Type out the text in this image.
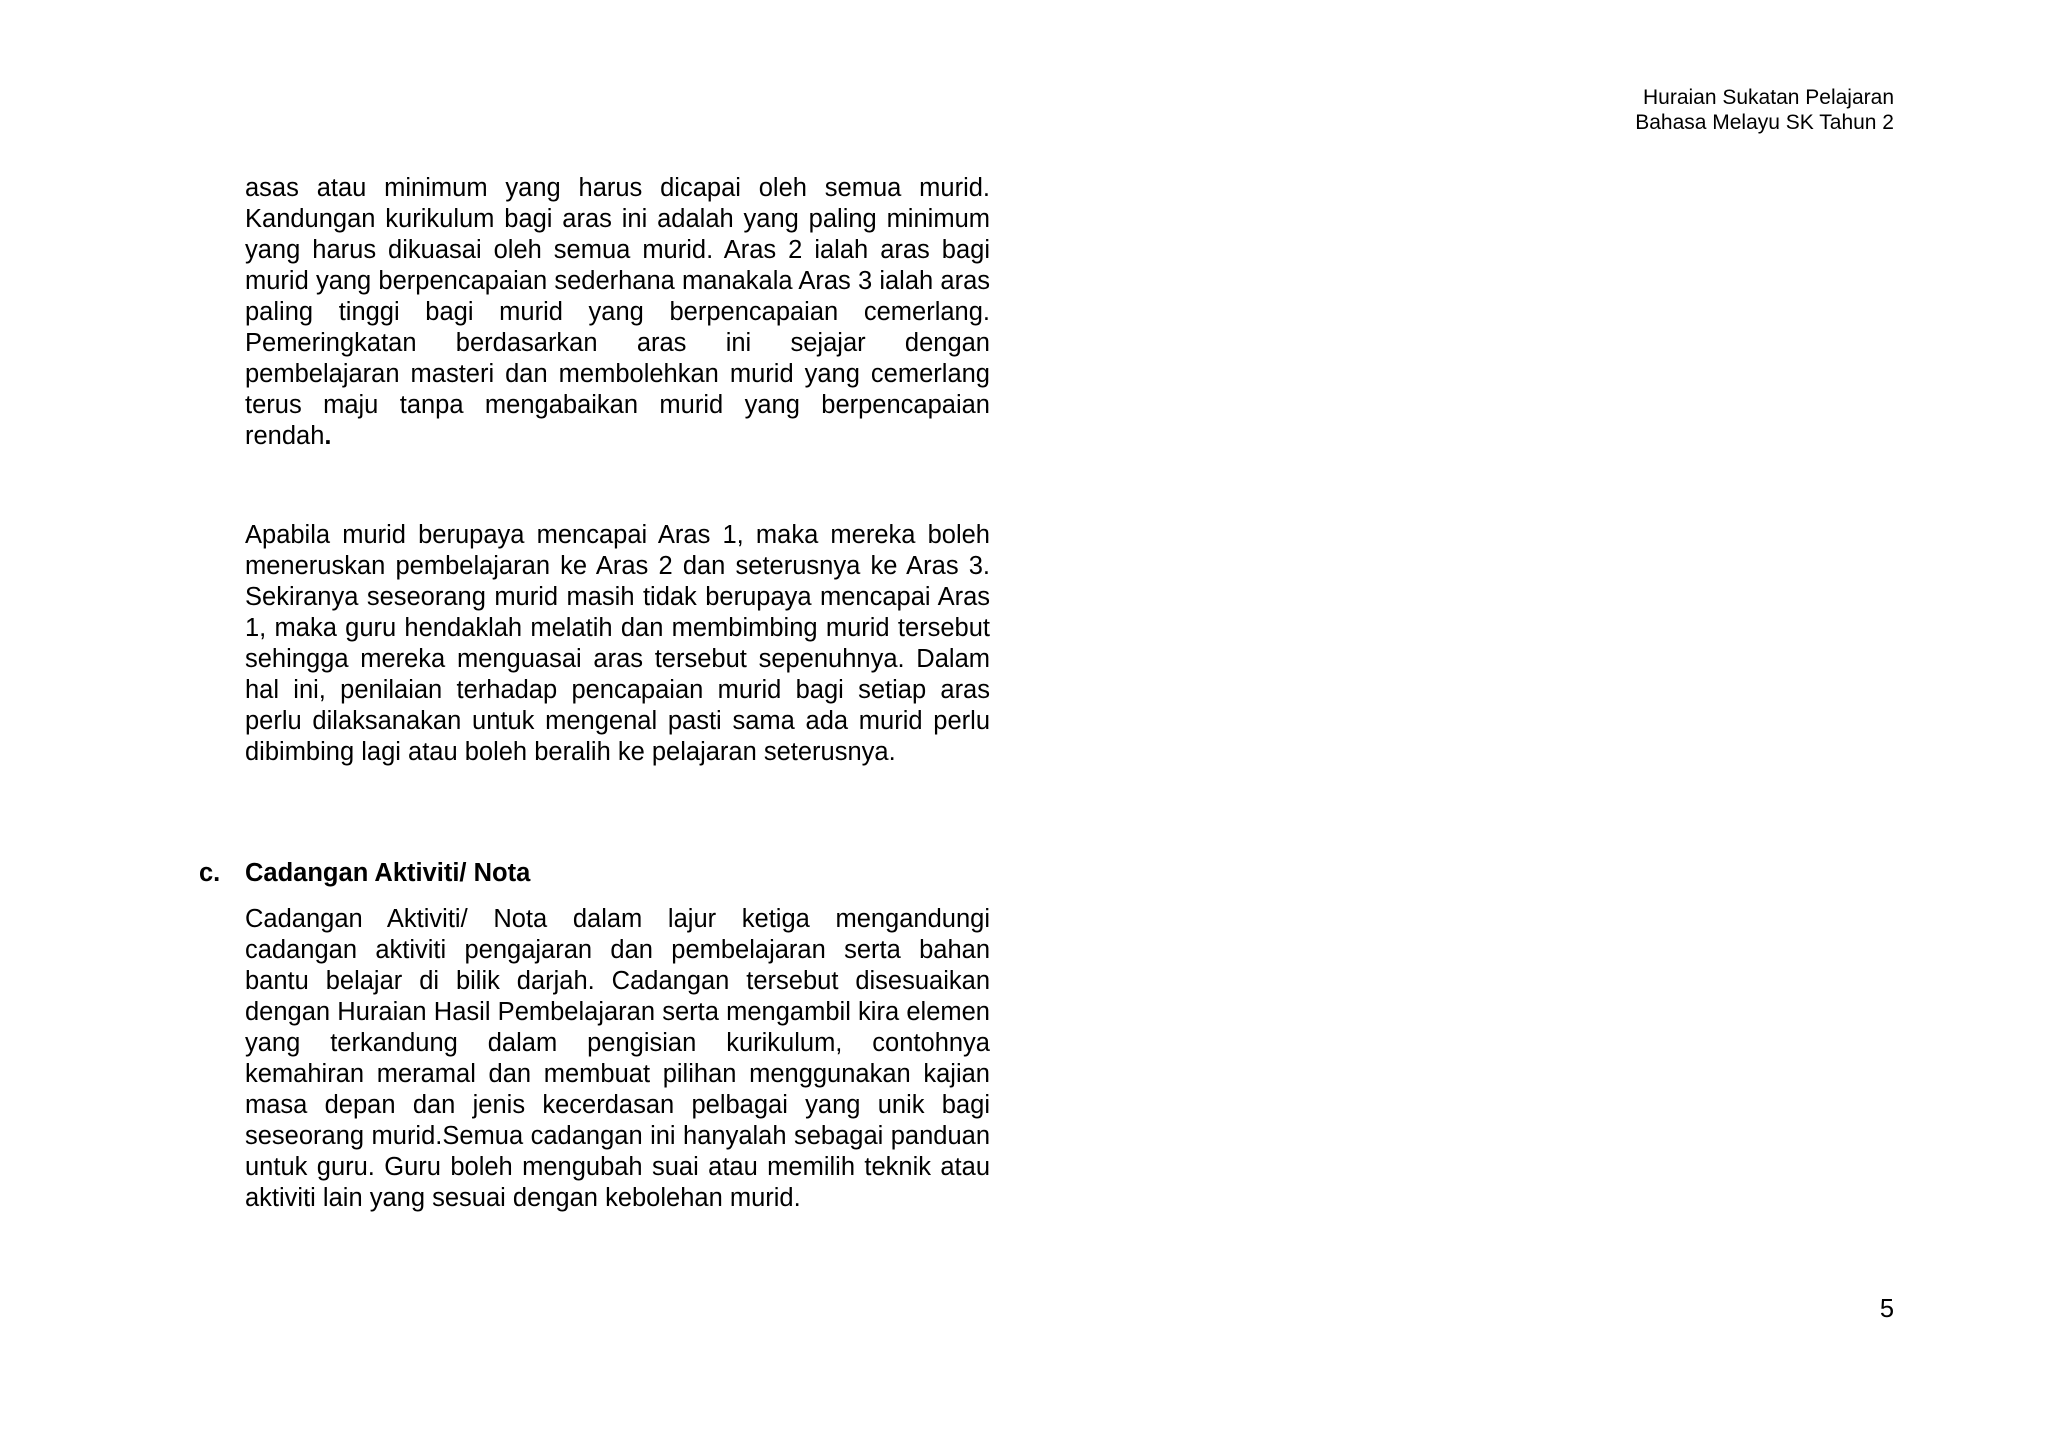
Huraian Sukatan Pelajaran
Bahasa Melayu SK Tahun 2

asas atau minimum yang harus dicapai oleh semua murid. Kandungan kurikulum bagi aras ini adalah yang paling minimum yang harus dikuasai oleh semua murid. Aras 2 ialah aras bagi murid yang berpencapaian sederhana manakala Aras 3 ialah aras paling tinggi bagi murid yang berpencapaian cemerlang. Pemeringkatan berdasarkan aras ini sejajar dengan pembelajaran masteri dan membolehkan murid yang cemerlang terus maju tanpa mengabaikan murid yang berpencapaian rendah.

Apabila murid berupaya mencapai Aras 1, maka mereka boleh meneruskan pembelajaran ke Aras 2 dan seterusnya ke Aras 3. Sekiranya seseorang murid masih tidak berupaya mencapai Aras 1, maka guru hendaklah melatih dan membimbing murid tersebut sehingga mereka menguasai aras tersebut sepenuhnya. Dalam hal ini, penilaian terhadap pencapaian murid bagi setiap aras perlu dilaksanakan untuk mengenal pasti sama ada murid perlu dibimbing lagi atau boleh beralih ke pelajaran seterusnya.

c. Cadangan Aktiviti/ Nota

Cadangan Aktiviti/ Nota dalam lajur ketiga mengandungi cadangan aktiviti pengajaran dan pembelajaran serta bahan bantu belajar di bilik darjah. Cadangan tersebut disesuaikan dengan Huraian Hasil Pembelajaran serta mengambil kira elemen yang terkandung dalam pengisian kurikulum, contohnya kemahiran meramal dan membuat pilihan menggunakan kajian masa depan dan jenis kecerdasan pelbagai yang unik bagi seseorang murid.Semua cadangan ini hanyalah sebagai panduan untuk guru. Guru boleh mengubah suai atau memilih teknik atau aktiviti lain yang sesuai dengan kebolehan murid.

5
